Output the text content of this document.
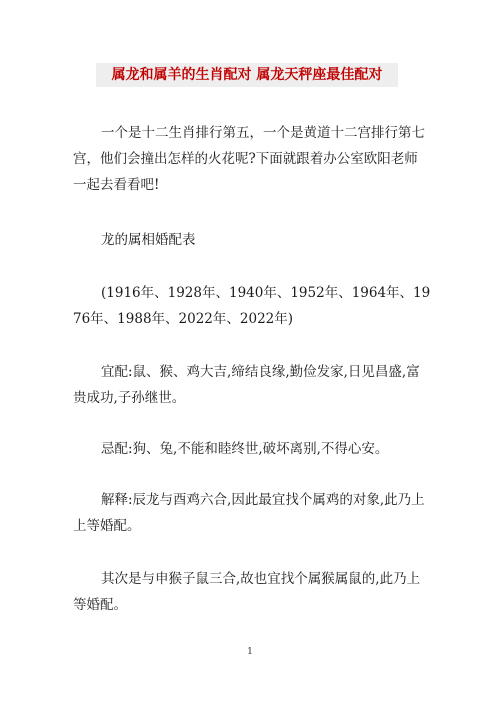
属龙和属羊的生肖配对 属龙天秤座最佳配对

一个是十二生肖排行第五，一个是黄道十二宫排行第七宫，他们会撞出怎样的火花呢?下面就跟着办公室欧阳老师一起去看看吧!

龙的属相婚配表

(1916年、1928年、1940年、1952年、1964年、1976年、1988年、2022年、2022年)

宜配:鼠、猴、鸡大吉,缔结良缘,勤俭发家,日见昌盛,富贵成功,子孙继世。

忌配:狗、兔,不能和睦终世,破坏离别,不得心安。

解释:辰龙与酉鸡六合,因此最宜找个属鸡的对象,此乃上上等婚配。

其次是与申猴子鼠三合,故也宜找个属猴属鼠的,此乃上等婚配。

1
